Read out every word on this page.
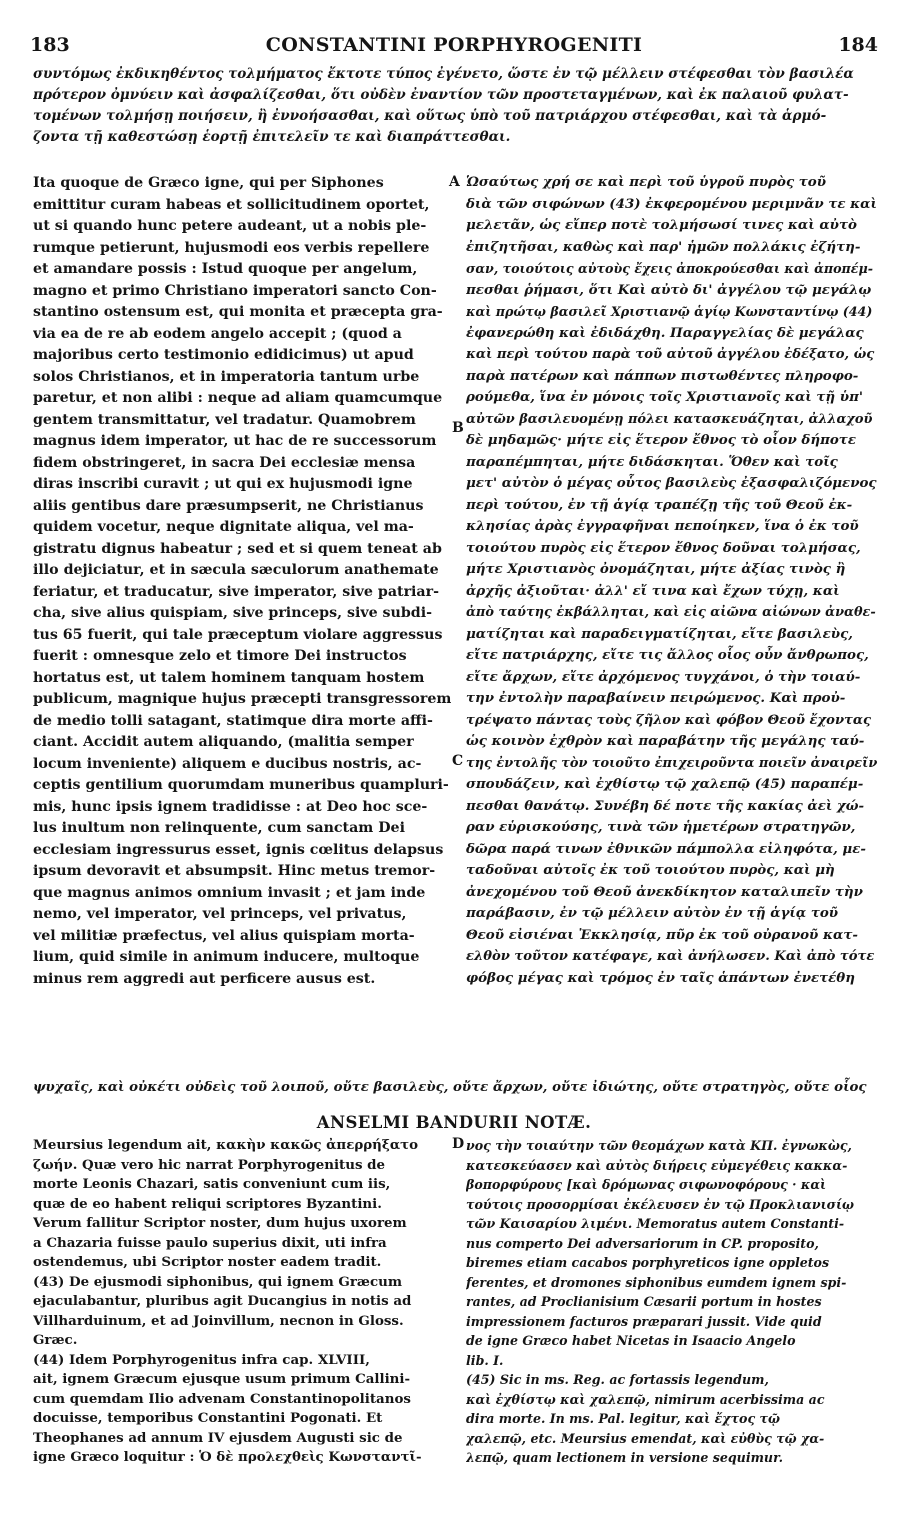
183	CONSTANTINI PORPHYROGENITI	184
συντόμως ἐκδικηθέντος τολμήματος ἔκτοτε τύπος ἐγένετο, ὥστε ἐν τῷ μέλλειν στέφεσθαι τὸν βασιλέα
πρότερον ὀμνύειν καὶ ἀσφαλίζεσθαι, ὅτι οὐδὲν ἐναντίον τῶν προστεταγμένων, καὶ ἐκ παλαιοῦ φυλατ-
τομένων τολμήσῃ ποιήσειν, ἢ ἐννοήσασθαι, καὶ οὕτως ὑπὸ τοῦ πατριάρχου στέφεσθαι, καὶ τὰ ἁρμό-
ζοντα τῇ καθεστώσῃ ἑορτῇ ἐπιτελεῖν τε καὶ διαπράττεσθαι.
Ita quoque de Græco igne, qui per Siphones
emittitur curam habeas et sollicitudinem oportet,
ut si quando hunc petere audeant, ut a nobis ple-
rumque petierunt, hujusmodi eos verbis repellere
et amandare possis : Istud quoque per angelum,
magno et primo Christiano imperatori sancto Con-
stantino ostensum est, qui monita et præcepta gra-
via ea de re ab eodem angelo accepit ; (quod a
majoribus certo testimonio edidicimus) ut apud
solos Christianos, et in imperatoria tantum urbe
paretur, et non alibi : neque ad aliam quamcumque
gentem transmittatur, vel tradatur. Quamobrem
magnus idem imperator, ut hac de re successorum
fidem obstringeret, in sacra Dei ecclesiæ mensa
diras inscribi curavit ; ut qui ex hujusmodi igne
aliis gentibus dare præsumpserit, ne Christianus
quidem vocetur, neque dignitate aliqua, vel ma-
gistratu dignus habeatur ; sed et si quem teneat ab
illo dejiciatur, et in sæcula sæculorum anathemate
feriatur, et traducatur, sive imperator, sive patriar-
cha, sive alius quispiam, sive princeps, sive subdi-
tus 65 fuerit, qui tale præceptum violare aggressus
fuerit : omnesque zelo et timore Dei instructos
hortatus est, ut talem hominem tanquam hostem
publicum, magnique hujus præcepti transgressorem
de medio tolli satagant, statimque dira morte affi-
ciant. Accidit autem aliquando, (malitia semper
locum inveniente) aliquem e ducibus nostris, ac-
ceptis gentilium quorumdam muneribus quampluri-
mis, hunc ipsis ignem tradidisse : at Deo hoc sce-
lus inultum non relinquente, cum sanctam Dei
ecclesiam ingressurus esset, ignis cœlitus delapsus
ipsum devoravit et absumpsit. Hinc metus tremor-
que magnus animos omnium invasit ; et jam inde
nemo, vel imperator, vel princeps, vel privatus,
vel militiæ præfectus, vel alius quispiam morta-
lium, quid simile in animum inducere, multoque
minus rem aggredi aut perficere ausus est.
A
B
C
D
Ὡσαύτως χρή σε καὶ περὶ τοῦ ὑγροῦ πυρὸς τοῦ
διὰ τῶν σιφώνων (43) ἐκφερομένου μεριμνᾶν τε καὶ
μελετᾶν, ὡς εἴπερ ποτὲ τολμήσωσί τινες καὶ αὐτὸ
ἐπιζητῆσαι, καθὼς καὶ παρ' ἡμῶν πολλάκις ἐζήτη-
σαν, τοιούτοις αὐτοὺς ἔχεις ἀποκρούεσθαι καὶ ἀποπέμ-
πεσθαι ῥήμασι, ὅτι Καὶ αὐτὸ δι' ἀγγέλου τῷ μεγάλῳ
καὶ πρώτῳ βασιλεῖ Χριστιανῷ ἁγίῳ Κωνσταντίνῳ (44)
ἐφανερώθη καὶ ἐδιδάχθη. Παραγγελίας δὲ μεγάλας
καὶ περὶ τούτου παρὰ τοῦ αὐτοῦ ἀγγέλου ἐδέξατο, ὡς
παρὰ πατέρων καὶ πάππων πιστωθέντες πληροφο-
ρούμεθα, ἵνα ἐν μόνοις τοῖς Χριστιανοῖς καὶ τῇ ὑπ'
αὐτῶν βασιλευομένῃ πόλει κατασκευάζηται, ἀλλαχοῦ
δὲ μηδαμῶς· μήτε εἰς ἕτερον ἔθνος τὸ οἷον δήποτε
παραπέμπηται, μήτε διδάσκηται. Ὅθεν καὶ τοῖς
μετ' αὐτὸν ὁ μέγας οὗτος βασιλεὺς ἐξασφαλιζόμενος
περὶ τούτου, ἐν τῇ ἁγίᾳ τραπέζῃ τῆς τοῦ Θεοῦ ἐκ-
κλησίας ἀρὰς ἐγγραφῆναι πεποίηκεν, ἵνα ὁ ἐκ τοῦ
τοιούτου πυρὸς εἰς ἕτερον ἔθνος δοῦναι τολμήσας,
μήτε Χριστιανὸς ὀνομάζηται, μήτε ἀξίας τινὸς ἢ
ἀρχῆς ἀξιοῦται· ἀλλ' εἴ τινα καὶ ἔχων τύχῃ, καὶ
ἀπὸ ταύτης ἐκβάλληται, καὶ εἰς αἰῶνα αἰώνων ἀναθε-
ματίζηται καὶ παραδειγματίζηται, εἴτε βασιλεὺς,
εἴτε πατριάρχης, εἴτε τις ἄλλος οἷος οὖν ἄνθρωπος,
εἴτε ἄρχων, εἴτε ἀρχόμενος τυγχάνοι, ὁ τὴν τοιαύ-
την ἐντολὴν παραβαίνειν πειρώμενος. Καὶ προὐ-
τρέψατο πάντας τοὺς ζῆλον καὶ φόβον Θεοῦ ἔχοντας
ὡς κοινὸν ἐχθρὸν καὶ παραβάτην τῆς μεγάλης ταύ-
της ἐντολῆς τὸν τοιοῦτο ἐπιχειροῦντα ποιεῖν ἀναιρεῖν
σπουδάζειν, καὶ ἐχθίστῳ τῷ χαλεπῷ (45) παραπέμ-
πεσθαι θανάτῳ. Συνέβη δέ ποτε τῆς κακίας ἀεὶ χώ-
ραν εὑρισκούσης, τινὰ τῶν ἡμετέρων στρατηγῶν,
δῶρα παρά τινων ἐθνικῶν πάμπολλα εἰληφότα, με-
ταδοῦναι αὐτοῖς ἐκ τοῦ τοιούτου πυρὸς, καὶ μὴ
ἀνεχομένου τοῦ Θεοῦ ἀνεκδίκητον καταλιπεῖν τὴν
παράβασιν, ἐν τῷ μέλλειν αὐτὸν ἐν τῇ ἁγίᾳ τοῦ
Θεοῦ εἰσιέναι Ἐκκλησίᾳ, πῦρ ἐκ τοῦ οὐρανοῦ κατ-
ελθὸν τοῦτον κατέφαγε, καὶ ἀνήλωσεν. Καὶ ἀπὸ τότε
φόβος μέγας καὶ τρόμος ἐν ταῖς ἁπάντων ἐνετέθη
ψυχαῖς, καὶ οὐκέτι οὐδεὶς τοῦ λοιποῦ, οὔτε βασιλεὺς, οὔτε ἄρχων, οὔτε ἰδιώτης, οὔτε στρατηγὸς, οὔτε οἷος
ANSELMI BANDURII NOTÆ.
Meursius legendum ait, κακὴν κακῶς ἀπερρήξατο
ζωήν. Quæ vero hic narrat Porphyrogenitus de
morte Leonis Chazari, satis conveniunt cum iis,
quæ de eo habent reliqui scriptores Byzantini.
Verum fallitur Scriptor noster, dum hujus uxorem
a Chazaria fuisse paulo superius dixit, uti infra
ostendemus, ubi Scriptor noster eadem tradit.
(43) De ejusmodi siphonibus, qui ignem Græcum
ejaculabantur, pluribus agit Ducangius in notis ad
Villharduinum, et ad Joinvillum, necnon in Gloss.
Græc.
(44) Idem Porphyrogenitus infra cap. XLVIII,
ait, ignem Græcum ejusque usum primum Callini-
cum quemdam Ilio advenam Constantinopolitanos
docuisse, temporibus Constantini Pogonati. Et
Theophanes ad annum IV ejusdem Augusti sic de
igne Græco loquitur : Ὁ δὲ προλεχθεὶς Κωνσταντῖ-
νος τὴν τοιαύτην τῶν θεομάχων κατὰ ΚΠ. ἐγνωκὼς,
κατεσκεύασεν καὶ αὐτὸς διήρεις εὐμεγέθεις κακκα-
βοπορφύρους [καὶ δρόμωνας σιφωνοφόρους · καὶ
τούτοις προσορμίσαι ἐκέλευσεν ἐν τῷ Προκλιανισίῳ
τῶν Καισαρίου λιμένι. Memoratus autem Constanti-
nus comperto Dei adversariorum in CP. proposito,
biremes etiam cacabos porphyreticos igne oppletos
ferentes, et dromones siphonibus eumdem ignem spi-
rantes, ad Proclianisium Cæsarii portum in hostes
impressionem facturos præparari jussit. Vide quid
de igne Græco habet Nicetas in Isaacio Angelo
lib. I.
(45) Sic in ms. Reg. ac fortassis legendum,
καὶ ἐχθίστῳ καὶ χαλεπῷ, nimirum acerbissima ac
dira morte. In ms. Pal. legitur, καὶ ἔχτος τῷ
χαλεπῷ, etc. Meursius emendat, καὶ εὐθὺς τῷ χα-
λεπῷ, quam lectionem in versione sequimur.
